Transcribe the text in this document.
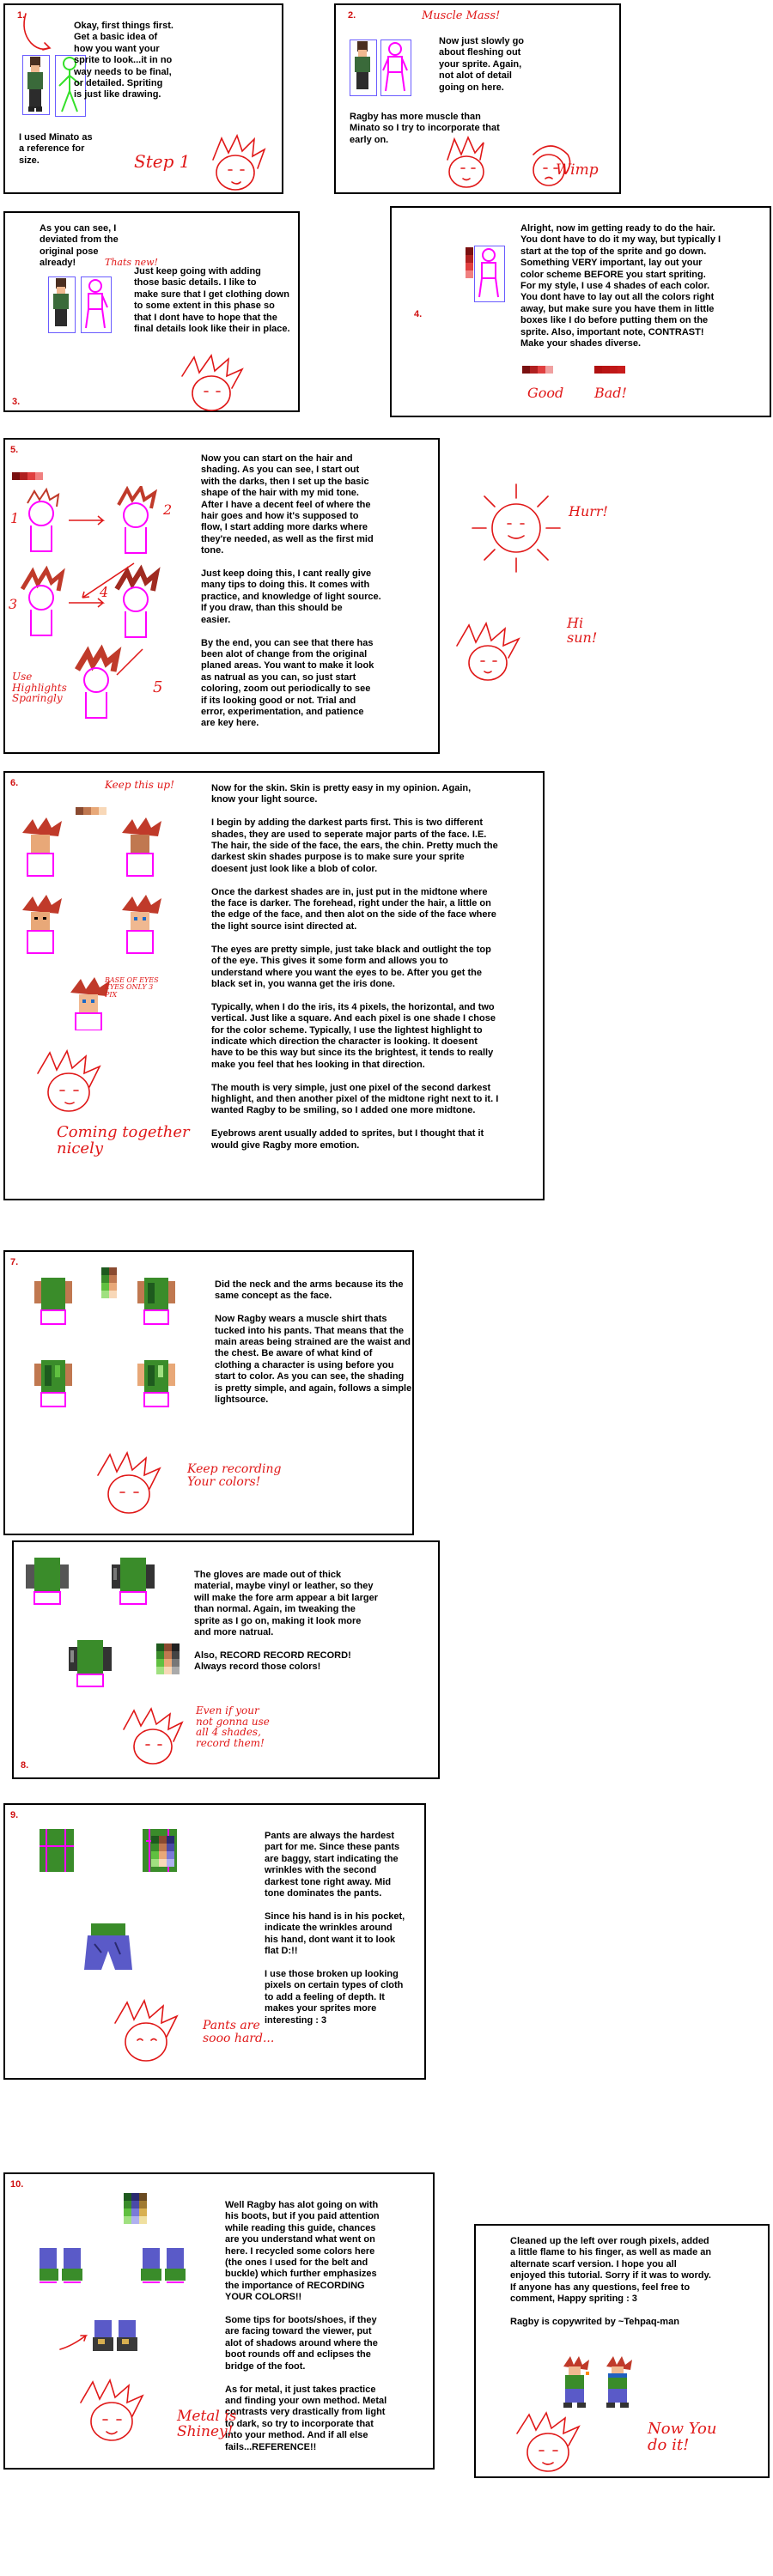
1.
Okay, first things first.
Get a basic idea of
how you want your
sprite to look...it in no
way needs to be final,
or detailed. Spriting
is just like drawing.
I used Minato as
a reference for
size.	Step 1
2.	Muscle Mass!
Now just slowly go
about fleshing out
your sprite. Again,
not alot of detail
going on here.
Ragby has more muscle than
Minato so I try to incorporate that
early on.
Wimp
As you can see, I
deviated from the
original pose
already!	Thats new!
Just keep going with adding
those basic details. I like to
make sure that I get clothing down
to some extent in this phase so
that I dont have to hope that the
final details look like their in place.
3.
4.
Alright, now im getting ready to do the hair.
You dont have to do it my way, but typically I
start at the top of the sprite and go down.
Something VERY important, lay out your
color scheme BEFORE you start spriting.
For my style, I use 4 shades of each color.
You dont have to lay out all the colors right
away, but make sure you have them in little
boxes like I do before putting them on the
sprite. Also, important note, CONTRAST!
Make your shades diverse.
Good Bad!
5.
1
2
3
4
5
Use
Highlights
Sparingly
Now you can start on the hair and
shading. As you can see, I start out
with the darks, then I set up the basic
shape of the hair with my mid tone.
After I have a decent feel of where the
hair goes and how it's supposed to
flow, I start adding more darks where
they're needed, as well as the first mid
tone.

Just keep doing this, I cant really give
many tips to doing this. It comes with
practice, and knowledge of light source.
If you draw, than this should be
easier.

By the end, you can see that there has
been alot of change from the original
planed areas. You want to make it look
as natrual as you can, so just start
coloring, zoom out periodically to see
if its looking good or not. Trial and
error, experimentation, and patience
are key here.
Hurr!
Hi sun!
6.	Keep this up!
BASE OF EYES
EYES ONLY 3
PIX
Coming together
nicely
Now for the skin. Skin is pretty easy in my opinion. Again,
know your light source.

I begin by adding the darkest parts first. This is two different
shades, they are used to seperate major parts of the face. I.E.
The hair, the side of the face, the ears, the chin. Pretty much the
darkest skin shades purpose is to make sure your sprite
doesent just look like a blob of color.

Once the darkest shades are in, just put in the midtone where
the face is darker. The forehead, right under the hair, a little on
the edge of the face, and then alot on the side of the face where
the light source isint directed at.

The eyes are pretty simple, just take black and outlight the top
of the eye. This gives it some form and allows you to
understand where you want the eyes to be. After you get the
black set in, you wanna get the iris done.

Typically, when I do the iris, its 4 pixels, the horizontal, and two
vertical. Just like a square. And each pixel is one shade I chose
for the color scheme. Typically, I use the lightest highlight to
indicate which direction the character is looking. It doesent
have to be this way but since its the brightest, it tends to really
make you feel that hes looking in that direction.

The mouth is very simple, just one pixel of the second darkest
highlight, and then another pixel of the midtone right next to it. I
wanted Ragby to be smiling, so I added one more midtone.

Eyebrows arent usually added to sprites, but I thought that it
would give Ragby more emotion.
7.
Did the neck and the arms because its the
same concept as the face.

Now Ragby wears a muscle shirt thats
tucked into his pants. That means that the
main areas being strained are the waist and
the chest. Be aware of what kind of
clothing a character is using before you
start to color. As you can see, the shading
is pretty simple, and again, follows a simple
lightsource.
Keep recording
Your colors!
The gloves are made out of thick
material, maybe vinyl or leather, so they
will make the fore arm appear a bit larger
than normal. Again, im tweaking the
sprite as I go on, making it look more
and more natrual.

Also, RECORD RECORD RECORD!
Always record those colors!
8.
Even if your
not gonna use
all 4 shades,
record them!
9.
Pants are always the hardest
part for me. Since these pants
are baggy, start indicating the
wrinkles with the second
darkest tone right away. Mid
tone dominates the pants.

Since his hand is in his pocket,
indicate the wrinkles around
his hand, dont want it to look
flat D:!!

I use those broken up looking
pixels on certain types of cloth
to add a feeling of depth. It
makes your sprites more
interesting : 3
Pants are
sooo hard...
10.
Well Ragby has alot going on with
his boots, but if you paid attention
while reading this guide, chances
are you understand what went on
here. I recycled some colors here
(the ones I used for the belt and
buckle) which further emphasizes
the importance of RECORDING
YOUR COLORS!!

Some tips for boots/shoes, if they
are facing toward the viewer, put
alot of shadows around where the
boot rounds off and eclipses the
bridge of the foot.

As for metal, it just takes practice
and finding your own method. Metal
contrasts very drastically from light
to dark, so try to incorporate that
into your method. And if all else
fails...REFERENCE!!
Metal is
Shiney!
Cleaned up the left over rough pixels, added
a little flame to his finger, as well as made an
alternate scarf version. I hope you all
enjoyed this tutorial. Sorry if it was to wordy.
If anyone has any questions, feel free to
comment, Happy spriting : 3

Ragby is copywrited by ~Tehpaq-man
Now You
do it!
